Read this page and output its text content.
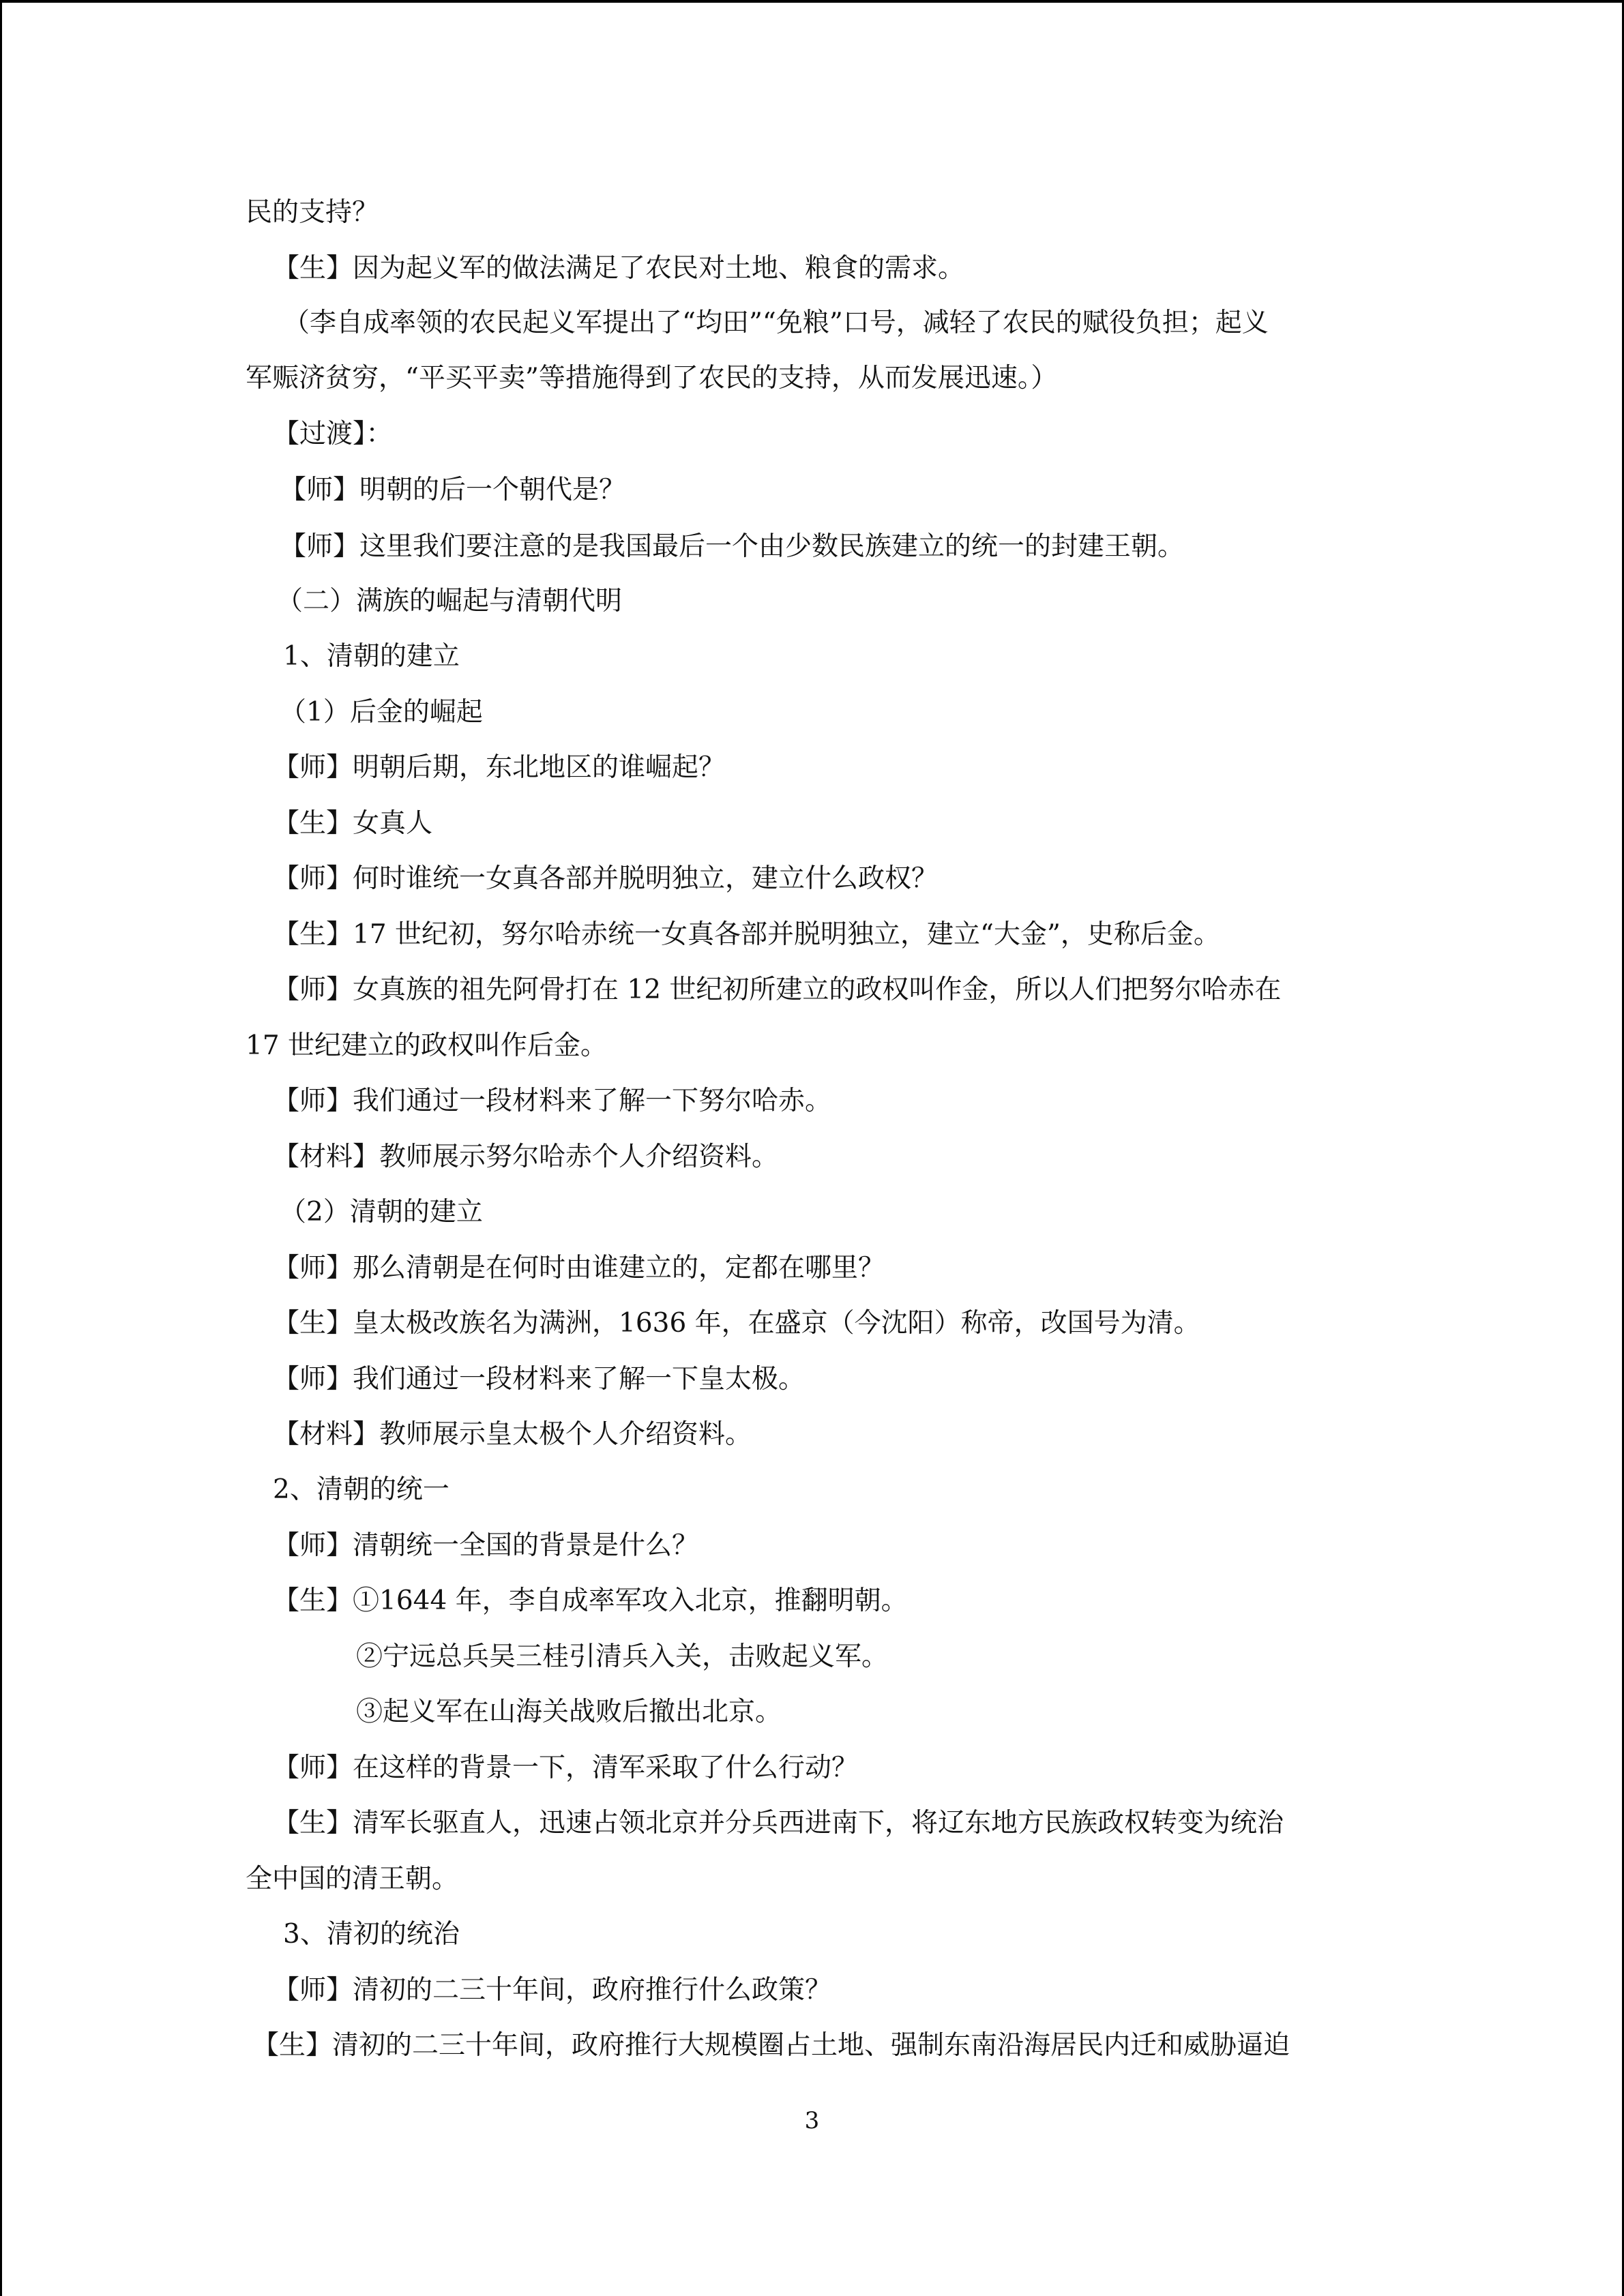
民的支持？
【生】因为起义军的做法满足了农民对土地、粮食的需求。
（李自成率领的农民起义军提出了“均田”“免粮”口号，减轻了农民的赋役负担；起义
军赈济贫穷，“平买平卖”等措施得到了农民的支持，从而发展迅速。）
【过渡】：
【师】明朝的后一个朝代是？
【师】这里我们要注意的是我国最后一个由少数民族建立的统一的封建王朝。
（二）满族的崛起与清朝代明
1、清朝的建立
（1）后金的崛起
【师】明朝后期，东北地区的谁崛起？
【生】女真人
【师】何时谁统一女真各部并脱明独立，建立什么政权？
【生】17 世纪初，努尔哈赤统一女真各部并脱明独立，建立“大金”，史称后金。
【师】女真族的祖先阿骨打在 12 世纪初所建立的政权叫作金，所以人们把努尔哈赤在
17 世纪建立的政权叫作后金。
【师】我们通过一段材料来了解一下努尔哈赤。
【材料】教师展示努尔哈赤个人介绍资料。
（2）清朝的建立
【师】那么清朝是在何时由谁建立的，定都在哪里？
【生】皇太极改族名为满洲，1636 年，在盛京（今沈阳）称帝，改国号为清。
【师】我们通过一段材料来了解一下皇太极。
【材料】教师展示皇太极个人介绍资料。
2、清朝的统一
【师】清朝统一全国的背景是什么？
【生】①1644 年，李自成率军攻入北京，推翻明朝。
②宁远总兵吴三桂引清兵入关，击败起义军。
③起义军在山海关战败后撤出北京。
【师】在这样的背景一下，清军采取了什么行动？
【生】清军长驱直人，迅速占领北京并分兵西进南下，将辽东地方民族政权转变为统治
全中国的清王朝。
3、清初的统治
【师】清初的二三十年间，政府推行什么政策？
【生】清初的二三十年间，政府推行大规模圈占土地、强制东南沿海居民内迁和威胁逼迫
3
